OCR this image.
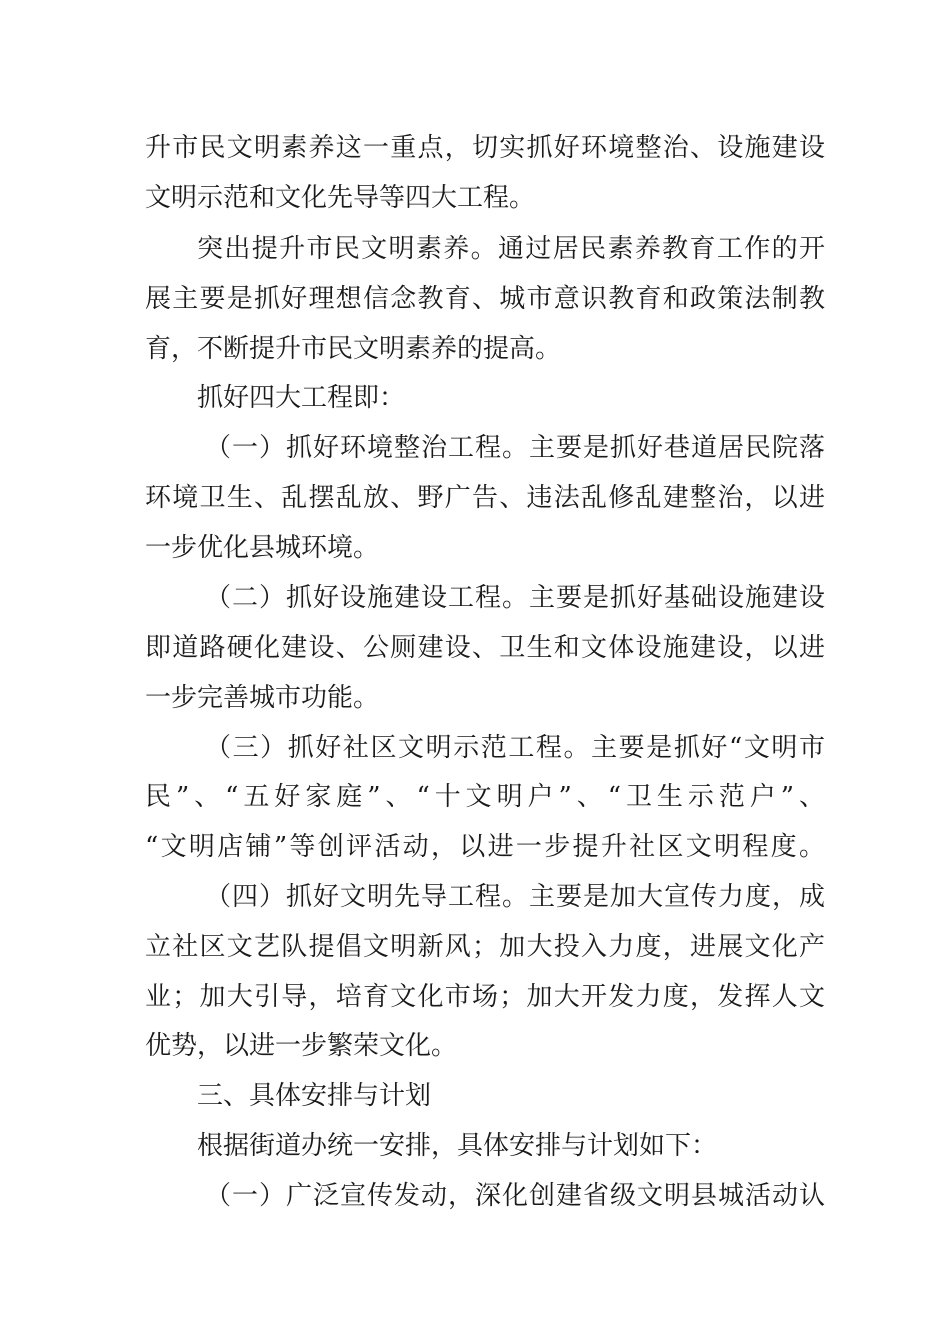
升市民文明素养这一重点，切实抓好环境整治、设施建设
文明示范和文化先导等四大工程。
突出提升市民文明素养。通过居民素养教育工作的开
展主要是抓好理想信念教育、城市意识教育和政策法制教
育，不断提升市民文明素养的提高。
抓好四大工程即：
（一）抓好环境整治工程。主要是抓好巷道居民院落
环境卫生、乱摆乱放、野广告、违法乱修乱建整治，以进
一步优化县城环境。
（二）抓好设施建设工程。主要是抓好基础设施建设
即道路硬化建设、公厕建设、卫生和文体设施建设，以进
一步完善城市功能。
（三）抓好社区文明示范工程。主要是抓好“文明市
民”、“五好家庭”、“十文明户”、“卫生示范户”、
“文明店铺”等创评活动，以进一步提升社区文明程度。
（四）抓好文明先导工程。主要是加大宣传力度，成
立社区文艺队提倡文明新风；加大投入力度，进展文化产
业；加大引导，培育文化市场；加大开发力度，发挥人文
优势，以进一步繁荣文化。
三、具体安排与计划
根据街道办统一安排，具体安排与计划如下：
（一）广泛宣传发动，深化创建省级文明县城活动认
